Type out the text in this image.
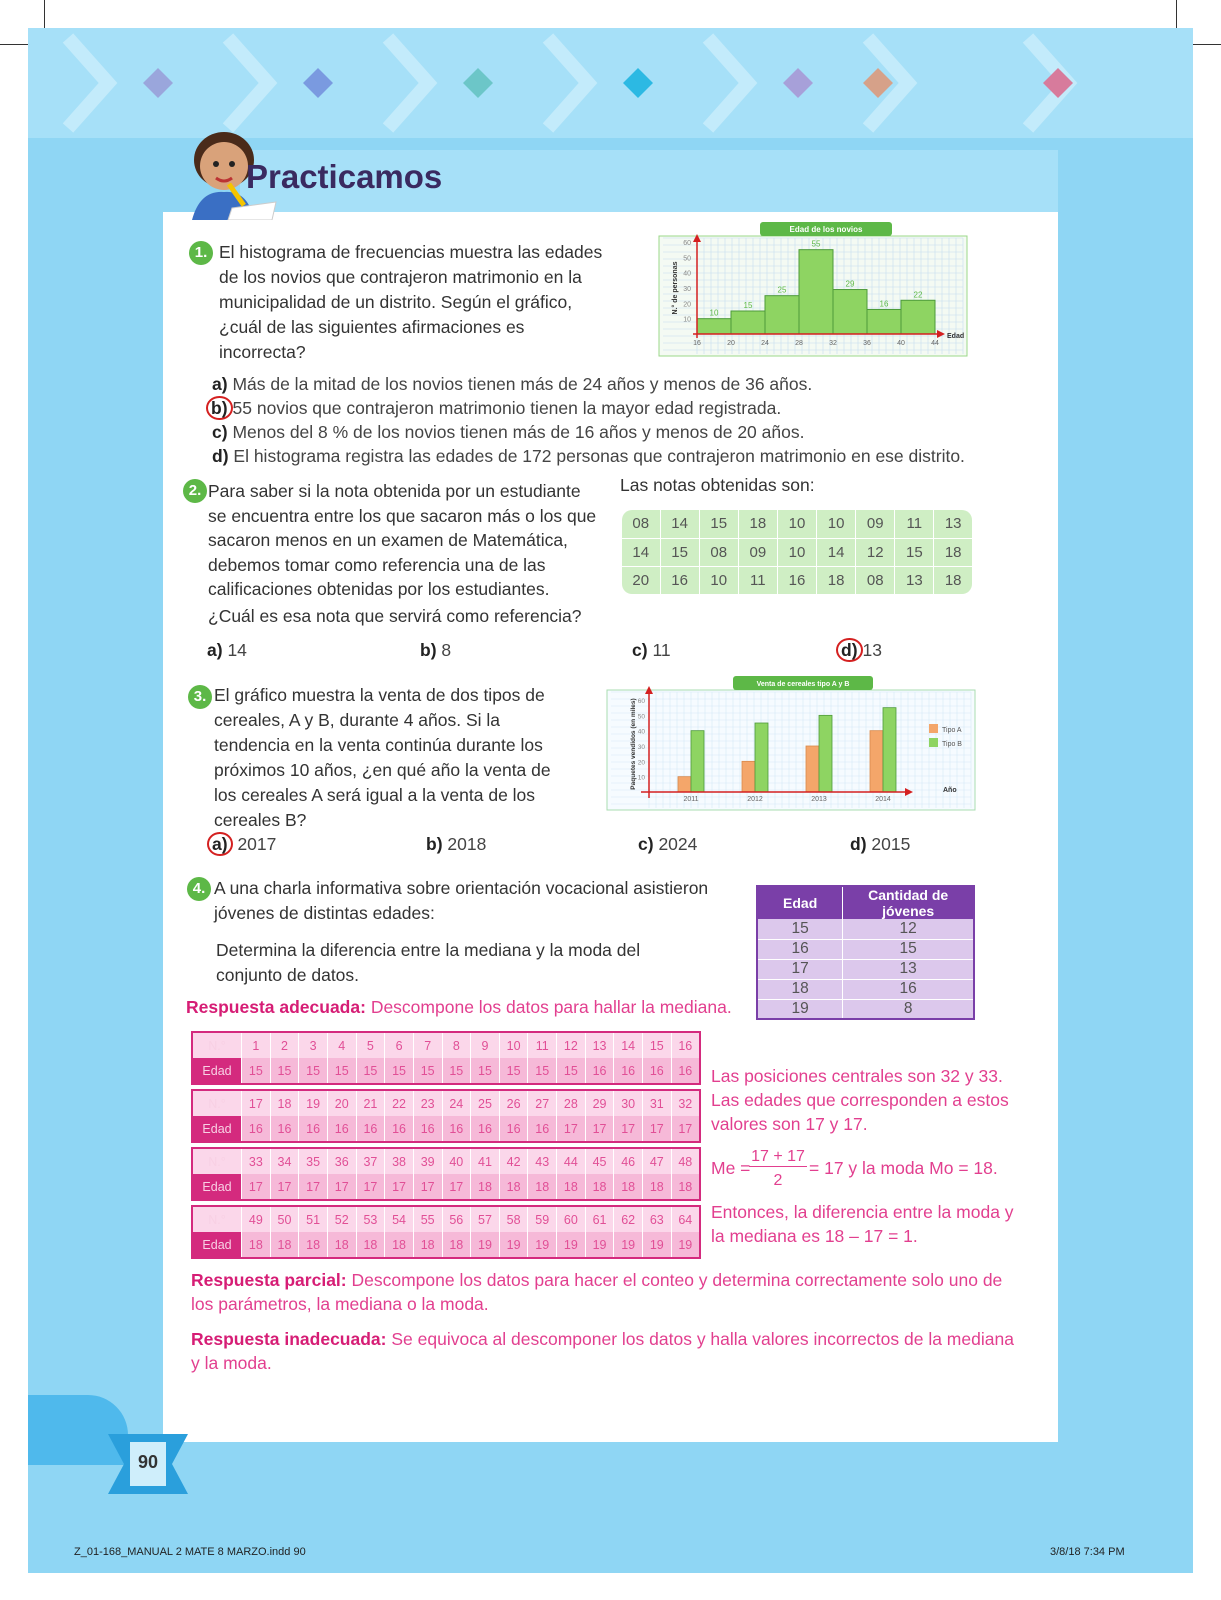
Practicamos
1. El histograma de frecuencias muestra las edades de los novios que contrajeron matrimonio en la municipalidad de un distrito. Según el gráfico, ¿cuál de las siguientes afirmaciones es incorrecta?
Edad de los novios
10
15
25
55
29
16
22
10
20
30
40
50
60
16	20	24	28	32	36	40	44
Edad
N.° de personas
a) Más de la mitad de los novios tienen más de 24 años y menos de 36 años.
b) 55 novios que contrajeron matrimonio tienen la mayor edad registrada.
c) Menos del 8 % de los novios tienen más de 16 años y menos de 20 años.
d) El histograma registra las edades de 172 personas que contrajeron matrimonio en ese distrito.
2. Para saber si la nota obtenida por un estudiante se encuentra entre los que sacaron más o los que sacaron menos en un examen de Matemática, debemos tomar como referencia una de las calificaciones obtenidas por los estudiantes.
¿Cuál es esa nota que servirá como referencia?
Las notas obtenidas son:
08	14	15	18	10	10	09	11	13
14	15	08	09	10	14	12	15	18
20	16	10	11	16	18	08	13	18
a) 14	b) 8	c) 11	d) 13
3. El gráfico muestra la venta de dos tipos de cereales, A y B, durante 4 años. Si la tendencia en la venta continúa durante los próximos 10 años, ¿en qué año la venta de los cereales A será igual a la venta de los cereales B?
Venta de cereales tipo A y B
2011	2012	2013	2014
10
20
30
40
50
60
Año
Paquetes vendidos (en miles)	Tipo A
Tipo B
a) 2017	b) 2018	c) 2024	d) 2015
4. A una charla informativa sobre orientación vocacional asistieron jóvenes de distintas edades:
Determina la diferencia entre la mediana y la moda del conjunto de datos.
Edad	Cantidad de jóvenes
15	12
16	15
17	13
18	16
19	8
Respuesta adecuada: Descompone los datos para hallar la mediana.
N.°	1	2	3	4	5	6	7	8	9	10	11	12	13	14	15	16
Edad	15	15	15	15	15	15	15	15	15	15	15	15	16	16	16	16
N.°	17	18	19	20	21	22	23	24	25	26	27	28	29	30	31	32
Edad	16	16	16	16	16	16	16	16	16	16	16	17	17	17	17	17
N.°	33	34	35	36	37	38	39	40	41	42	43	44	45	46	47	48
Edad	17	17	17	17	17	17	17	17	18	18	18	18	18	18	18	18
N.°	49	50	51	52	53	54	55	56	57	58	59	60	61	62	63	64
Edad	18	18	18	18	18	18	18	18	19	19	19	19	19	19	19	19
Las posiciones centrales son 32 y 33. Las edades que corresponden a estos valores son 17 y 17.
Me =
17 + 17
2
= 17 y la moda Mo = 18.
Entonces, la diferencia entre la moda y la mediana es 18 – 17 = 1.
Respuesta parcial: Descompone los datos para hacer el conteo y determina correctamente solo uno de los parámetros, la mediana o la moda.
Respuesta inadecuada: Se equivoca al descomponer los datos y halla valores incorrectos de la mediana y la moda.
90
Z_01-168_MANUAL 2 MATE 8 MARZO.indd 90	3/8/18 7:34 PM
